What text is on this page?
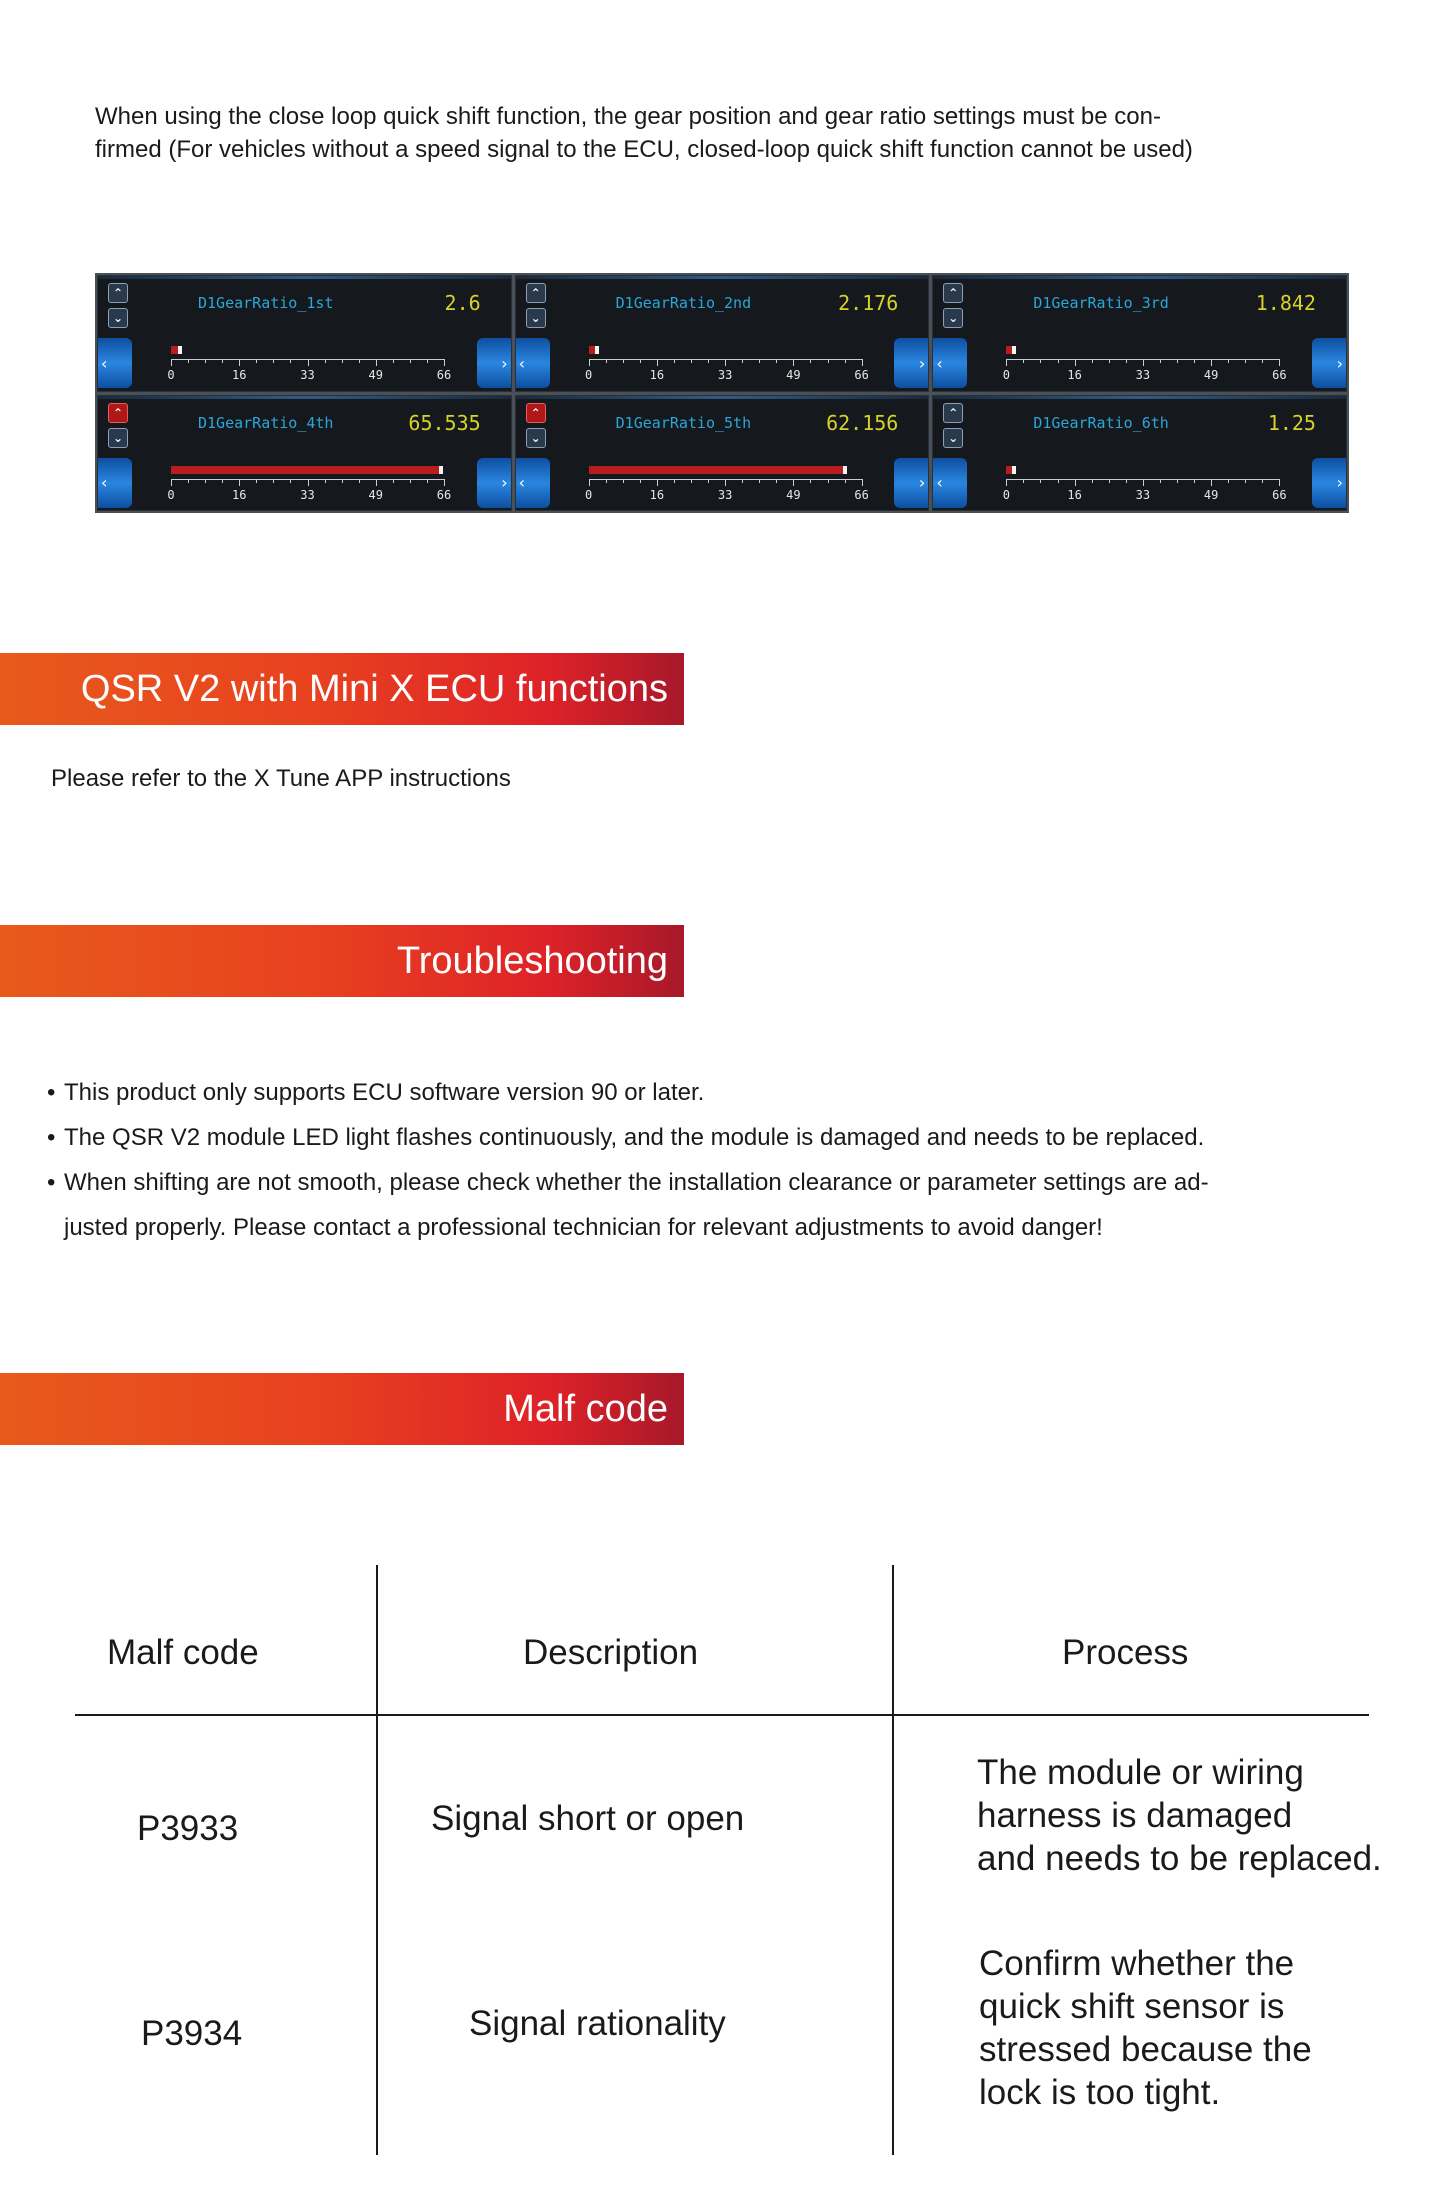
When using the close loop quick shift function, the gear position and gear ratio settings must be con-
firmed (For vehicles without a speed signal to the ECU, closed-loop quick shift function cannot be used)
⌃
⌄
D1GearRatio_1st	2.6
‹	›
0	16	33	49	66
⌃
⌄
D1GearRatio_2nd	2.176
‹	›
0	16	33	49	66
⌃
⌄
D1GearRatio_3rd	1.842
‹	›
0	16	33	49	66
⌃
⌄
D1GearRatio_4th	65.535
‹	›
0	16	33	49	66
⌃
⌄
D1GearRatio_5th	62.156
‹	›
0	16	33	49	66
⌃
⌄
D1GearRatio_6th	1.25
‹	›
0	16	33	49	66
QSR V2 with Mini X ECU functions
Please refer to the X Tune APP instructions
Troubleshooting
• This product only supports ECU software version 90 or later.
• The QSR V2 module LED light flashes continuously, and the module is damaged and needs to be replaced.
• When shifting are not smooth, please check whether the installation clearance or parameter settings are ad-
justed properly. Please contact a professional technician for relevant adjustments to avoid danger!
Malf code
Malf code	Description	Process
P3933	Signal short or open
The module or wiring
harness is damaged
and needs to be replaced.
P3934	Signal rationality
Confirm whether the
quick shift sensor is
stressed because the
lock is too tight.
